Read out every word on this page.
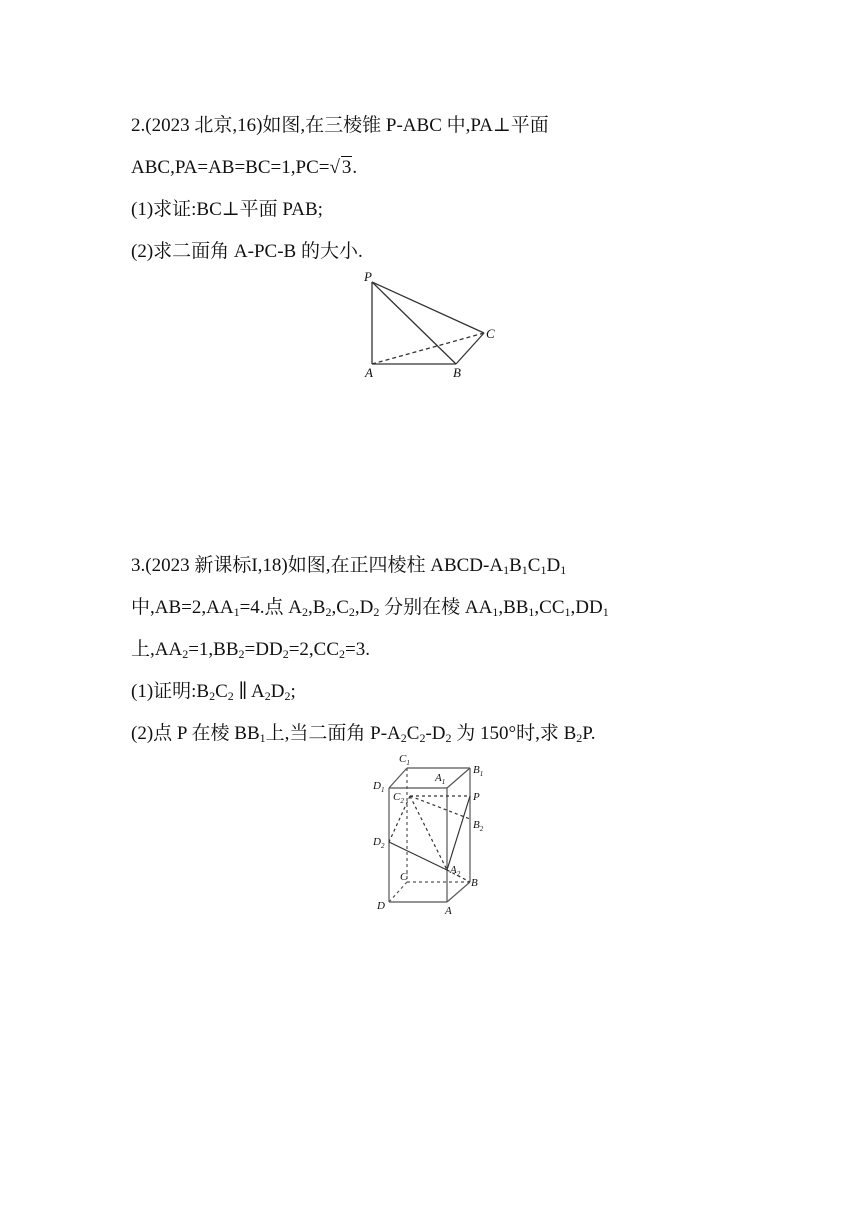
2.(2023 北京,16)如图,在三棱锥 P-ABC 中,PA⊥平面
ABC,PA=AB=BC=1,PC=√ 3.
(1)求证:BC⊥平面 PAB;
(2)求二面角 A-PC-B 的大小.
P
A	B
C
3.(2023 新课标I,18)如图,在正四棱柱 ABCD-$A_1B_1C_1D_1$
中$,AB=2,AA_1=4$.点 $A_2,B_2,C_2,D_2$ 分别在棱 $AA_1,BB_1,CC_1,DD_1$
上$,AA_2=1,BB_2=DD_2=2,CC_2=3$.
(1)证明$:B_2C_2$ ∥ $A_2D_2$;
(2)点 P 在棱 $BB_1$上,当二面角 $P-A_2C_2-D_2$ 为 150°时,求 $B_2P$.
$C_1$
$B_1$
$D_1$
$A_1$
$C_2$	P
$B_2$
$D_2$
$A_2$
C	B
D	A
